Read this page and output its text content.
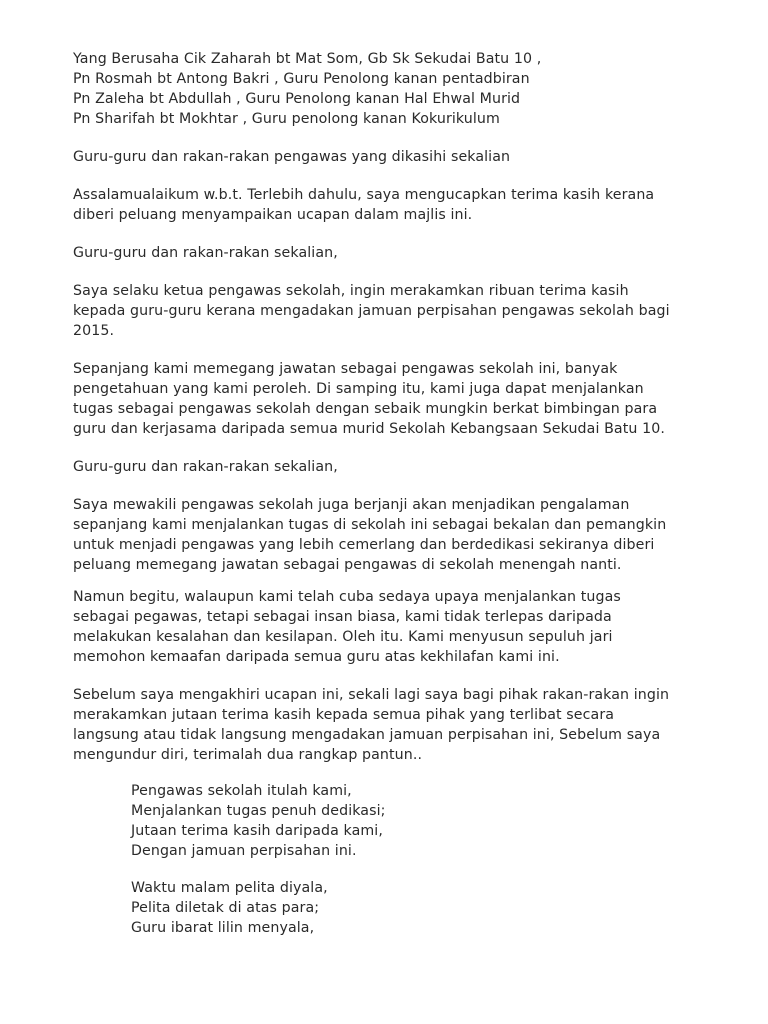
Yang Berusaha Cik Zaharah bt Mat Som, Gb Sk Sekudai Batu 10 ,
Pn Rosmah bt Antong Bakri , Guru Penolong kanan pentadbiran
Pn Zaleha bt Abdullah , Guru Penolong kanan Hal Ehwal Murid
Pn Sharifah bt Mokhtar , Guru penolong kanan Kokurikulum
Guru-guru dan rakan-rakan pengawas yang dikasihi sekalian
Assalamualaikum w.b.t. Terlebih dahulu, saya mengucapkan terima kasih kerana
diberi peluang menyampaikan ucapan dalam majlis ini.
Guru-guru dan rakan-rakan sekalian,
Saya selaku ketua pengawas sekolah, ingin merakamkan ribuan terima kasih
kepada guru-guru kerana mengadakan jamuan perpisahan pengawas sekolah bagi
2015.
Sepanjang kami memegang jawatan sebagai pengawas sekolah ini, banyak
pengetahuan yang kami peroleh. Di samping itu, kami juga dapat menjalankan
tugas sebagai pengawas sekolah dengan sebaik mungkin berkat bimbingan para
guru dan kerjasama daripada semua murid Sekolah Kebangsaan Sekudai Batu 10.
Guru-guru dan rakan-rakan sekalian,
Saya mewakili pengawas sekolah juga berjanji akan menjadikan pengalaman
sepanjang kami menjalankan tugas di sekolah ini sebagai bekalan dan pemangkin
untuk menjadi pengawas yang lebih cemerlang dan berdedikasi sekiranya diberi
peluang memegang jawatan sebagai pengawas di sekolah menengah nanti.
Namun begitu, walaupun kami telah cuba sedaya upaya menjalankan tugas
sebagai pegawas, tetapi sebagai insan biasa, kami tidak terlepas daripada
melakukan kesalahan dan kesilapan. Oleh itu. Kami menyusun sepuluh jari
memohon kemaafan daripada semua guru atas kekhilafan kami ini.
Sebelum saya mengakhiri ucapan ini, sekali lagi saya bagi pihak rakan-rakan ingin
merakamkan jutaan terima kasih kepada semua pihak yang terlibat secara
langsung atau tidak langsung mengadakan jamuan perpisahan ini, Sebelum saya
mengundur diri, terimalah dua rangkap pantun..
Pengawas sekolah itulah kami,
Menjalankan tugas penuh dedikasi;
Jutaan terima kasih daripada kami,
Dengan jamuan perpisahan ini.
Waktu malam pelita diyala,
Pelita diletak di atas para;
Guru ibarat lilin menyala,
